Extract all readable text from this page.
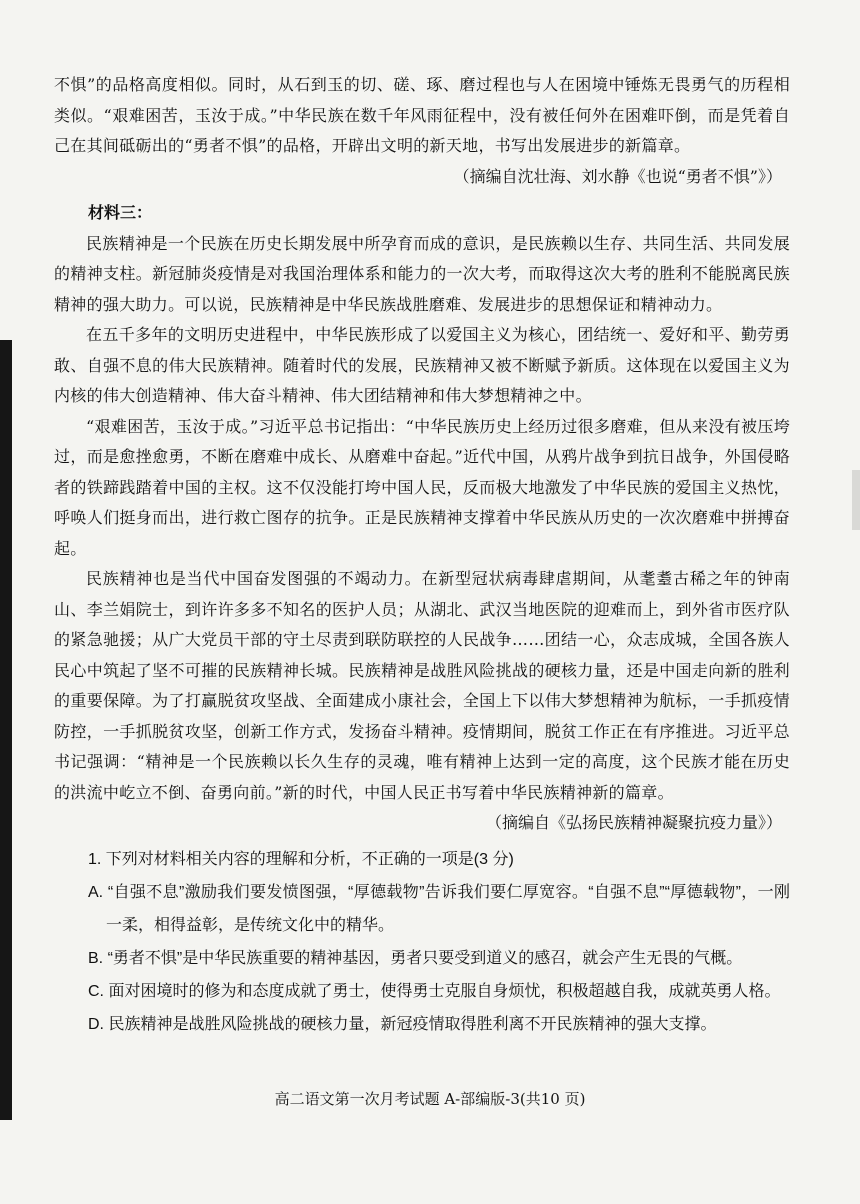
不惧”的品格高度相似。同时，从石到玉的切、磋、琢、磨过程也与人在困境中锤炼无畏勇气的历程相类似。“艰难困苦，玉汝于成。”中华民族在数千年风雨征程中，没有被任何外在困难吓倒，而是凭着自己在其间砥砺出的“勇者不惧”的品格，开辟出文明的新天地，书写出发展进步的新篇章。

（摘编自沈壮海、刘水静《也说“勇者不惧”》）

材料三：

民族精神是一个民族在历史长期发展中所孕育而成的意识，是民族赖以生存、共同生活、共同发展的精神支柱。新冠肺炎疫情是对我国治理体系和能力的一次大考，而取得这次大考的胜利不能脱离民族精神的强大助力。可以说，民族精神是中华民族战胜磨难、发展进步的思想保证和精神动力。

在五千多年的文明历史进程中，中华民族形成了以爱国主义为核心，团结统一、爱好和平、勤劳勇敢、自强不息的伟大民族精神。随着时代的发展，民族精神又被不断赋予新质。这体现在以爱国主义为内核的伟大创造精神、伟大奋斗精神、伟大团结精神和伟大梦想精神之中。

“艰难困苦，玉汝于成。”习近平总书记指出：“中华民族历史上经历过很多磨难，但从来没有被压垮过，而是愈挫愈勇，不断在磨难中成长、从磨难中奋起。”近代中国，从鸦片战争到抗日战争，外国侵略者的铁蹄践踏着中国的主权。这不仅没能打垮中国人民，反而极大地激发了中华民族的爱国主义热忱，呼唤人们挺身而出，进行救亡图存的抗争。正是民族精神支撑着中华民族从历史的一次次磨难中拼搏奋起。

民族精神也是当代中国奋发图强的不竭动力。在新型冠状病毒肆虐期间，从耄耋古稀之年的钟南山、李兰娟院士，到许许多多不知名的医护人员；从湖北、武汉当地医院的迎难而上，到外省市医疗队的紧急驰援；从广大党员干部的守土尽责到联防联控的人民战争……团结一心，众志成城，全国各族人民心中筑起了坚不可摧的民族精神长城。民族精神是战胜风险挑战的硬核力量，还是中国走向新的胜利的重要保障。为了打赢脱贫攻坚战、全面建成小康社会，全国上下以伟大梦想精神为航标，一手抓疫情防控，一手抓脱贫攻坚，创新工作方式，发扬奋斗精神。疫情期间，脱贫工作正在有序推进。习近平总书记强调：“精神是一个民族赖以长久生存的灵魂，唯有精神上达到一定的高度，这个民族才能在历史的洪流中屹立不倒、奋勇向前。”新的时代，中国人民正书写着中华民族精神新的篇章。

（摘编自《弘扬民族精神凝聚抗疫力量》）

1. 下列对材料相关内容的理解和分析，不正确的一项是(3 分)

A. “自强不息”激励我们要发愤图强，“厚德载物”告诉我们要仁厚宽容。“自强不息”“厚德载物”，一刚一柔，相得益彰，是传统文化中的精华。

B. “勇者不惧”是中华民族重要的精神基因，勇者只要受到道义的感召，就会产生无畏的气概。

C. 面对困境时的修为和态度成就了勇士，使得勇士克服自身烦忧，积极超越自我，成就英勇人格。

D. 民族精神是战胜风险挑战的硬核力量，新冠疫情取得胜利离不开民族精神的强大支撑。

高二语文第一次月考试题 A-部编版-3(共10 页)
